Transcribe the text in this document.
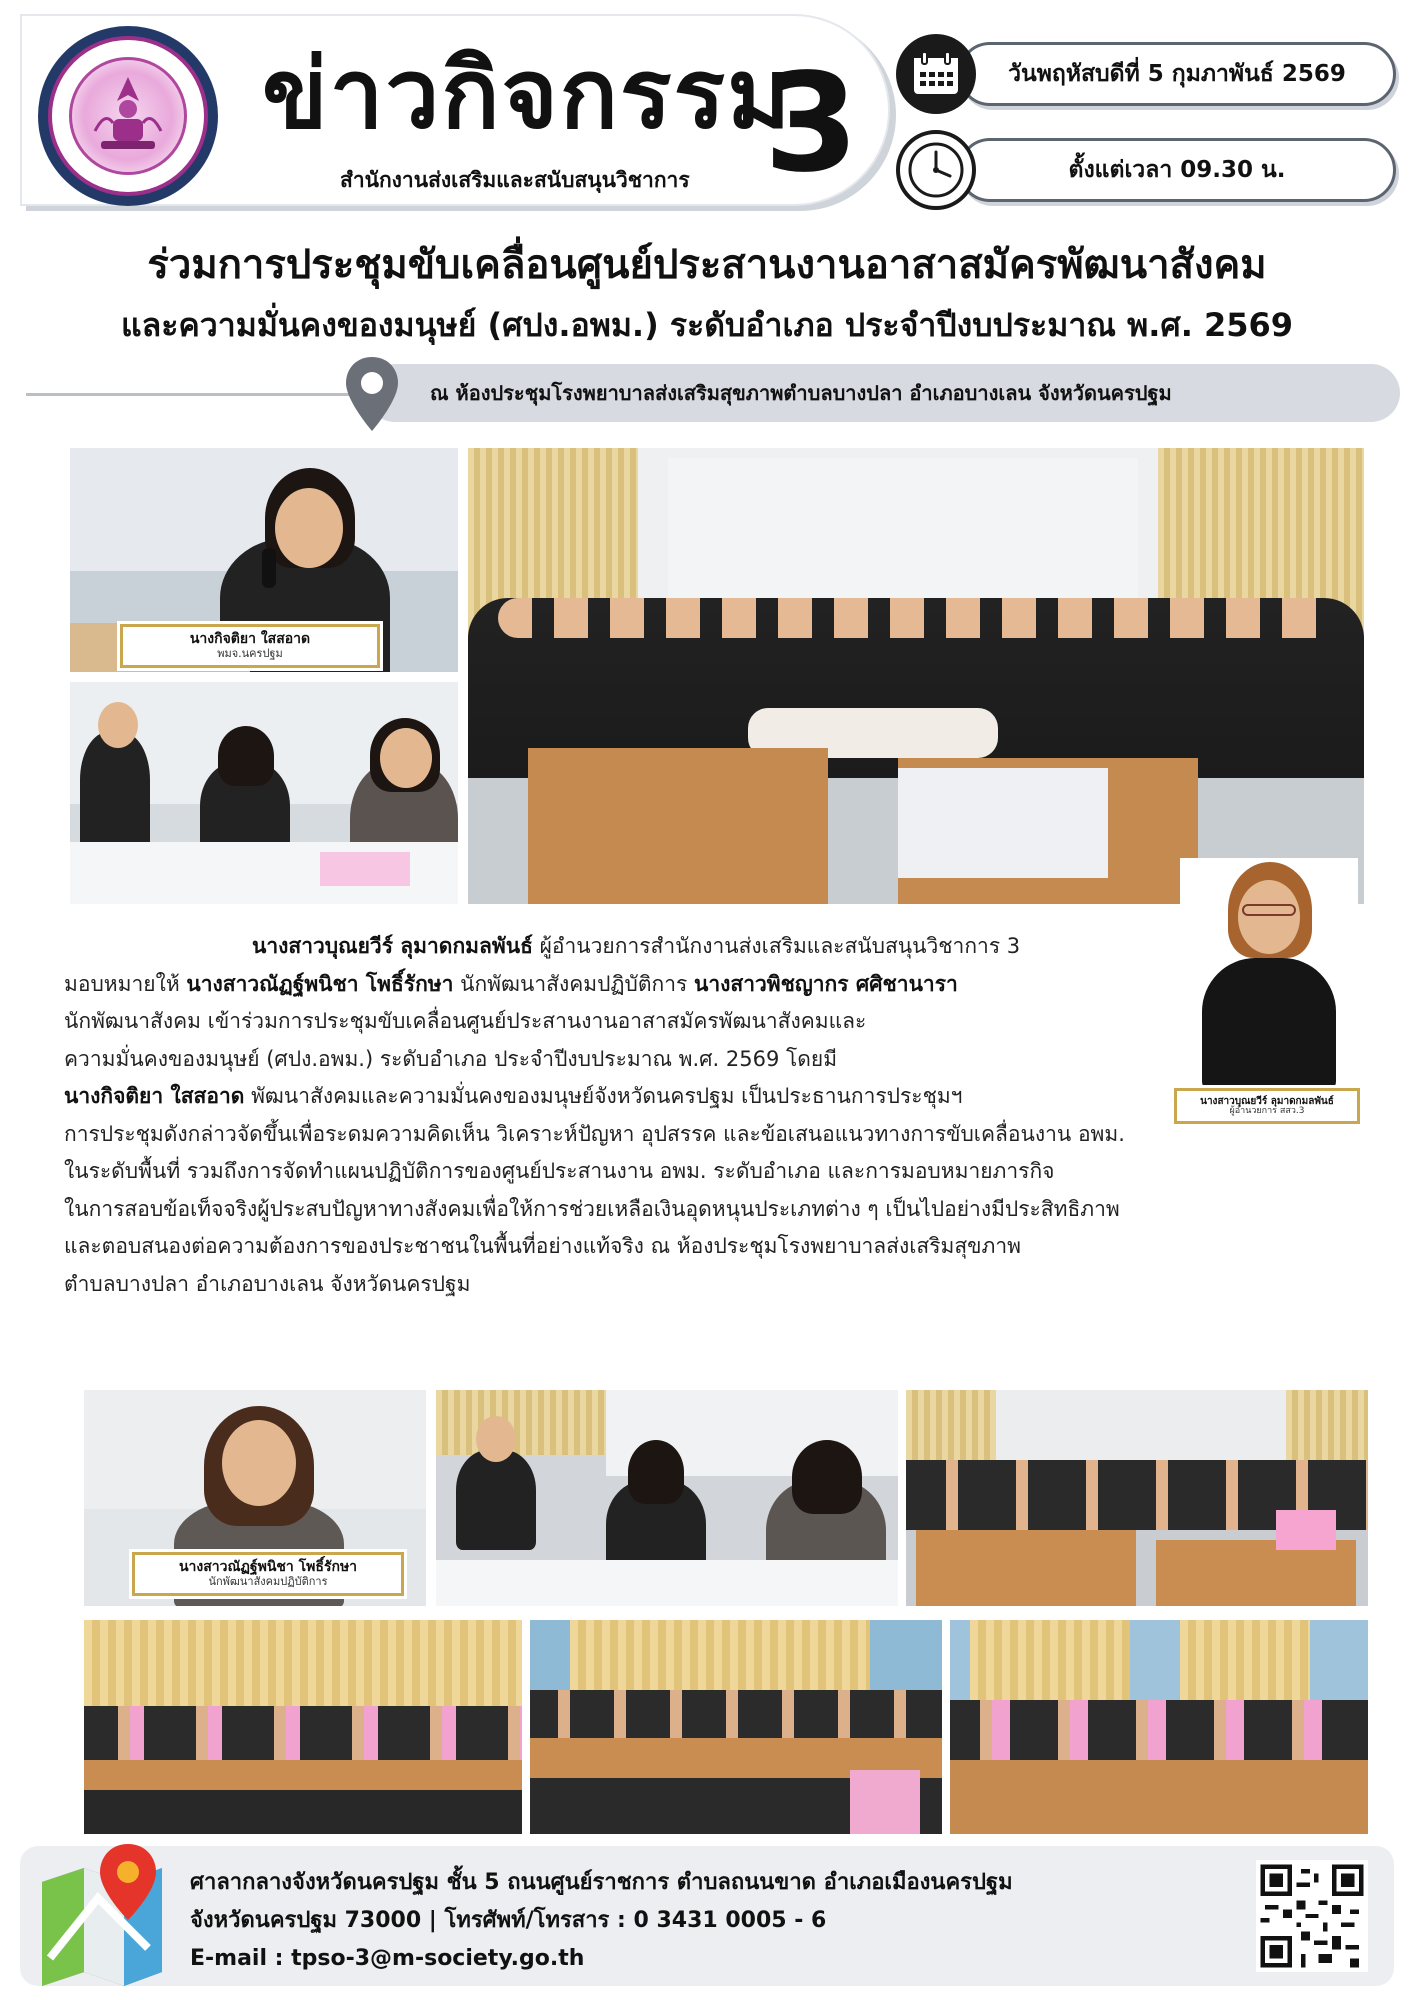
ข่าวกิจกรรม
3
สำนักงานส่งเสริมและสนับสนุนวิชาการ
วันพฤหัสบดีที่ 5 กุมภาพันธ์ 2569
ตั้งแต่เวลา 09.30 น.
ร่วมการประชุมขับเคลื่อนศูนย์ประสานงานอาสาสมัครพัฒนาสังคม
และความมั่นคงของมนุษย์ (ศปง.อพม.) ระดับอำเภอ ประจำปีงบประมาณ พ.ศ. 2569
ณ ห้องประชุมโรงพยาบาลส่งเสริมสุขภาพตำบลบางปลา อำเภอบางเลน จังหวัดนครปฐม
นางกิจติยา ใสสอาด
พมจ.นครปฐม
นางสาวบุณยวีร์ ลุมาดกมลพันธ์
ผู้อำนวยการ สสว.3

นางสาวบุณยวีร์ ลุมาดกมลพันธ์ ผู้อำนวยการสำนักงานส่งเสริมและสนับสนุนวิชาการ 3

มอบหมายให้ นางสาวณัฏฐ์พนิชา โพธิ์รักษา นักพัฒนาสังคมปฏิบัติการ นางสาวพิชญากร ศศิชานารา

นักพัฒนาสังคม เข้าร่วมการประชุมขับเคลื่อนศูนย์ประสานงานอาสาสมัครพัฒนาสังคมและ

ความมั่นคงของมนุษย์ (ศปง.อพม.) ระดับอำเภอ ประจำปีงบประมาณ พ.ศ. 2569 โดยมี

นางกิจติยา ใสสอาด พัฒนาสังคมและความมั่นคงของมนุษย์จังหวัดนครปฐม เป็นประธานการประชุมฯ

การประชุมดังกล่าวจัดขึ้นเพื่อระดมความคิดเห็น วิเคราะห์ปัญหา อุปสรรค และข้อเสนอแนวทางการขับเคลื่อนงาน อพม.

ในระดับพื้นที่ รวมถึงการจัดทำแผนปฏิบัติการของศูนย์ประสานงาน อพม. ระดับอำเภอ และการมอบหมายภารกิจ

ในการสอบข้อเท็จจริงผู้ประสบปัญหาทางสังคมเพื่อให้การช่วยเหลือเงินอุดหนุนประเภทต่าง ๆ เป็นไปอย่างมีประสิทธิภาพ

และตอบสนองต่อความต้องการของประชาชนในพื้นที่อย่างแท้จริง ณ ห้องประชุมโรงพยาบาลส่งเสริมสุขภาพ

ตำบลบางปลา อำเภอบางเลน จังหวัดนครปฐม

นางสาวณัฏฐ์พนิชา โพธิ์รักษา
นักพัฒนาสังคมปฏิบัติการ

ศาลากลางจังหวัดนครปฐม ชั้น 5 ถนนศูนย์ราชการ ตำบลถนนขาด อำเภอเมืองนครปฐม

จังหวัดนครปฐม 73000 | โทรศัพท์/โทรสาร : 0 3431 0005 - 6

E-mail : tpso-3@m-society.go.th
